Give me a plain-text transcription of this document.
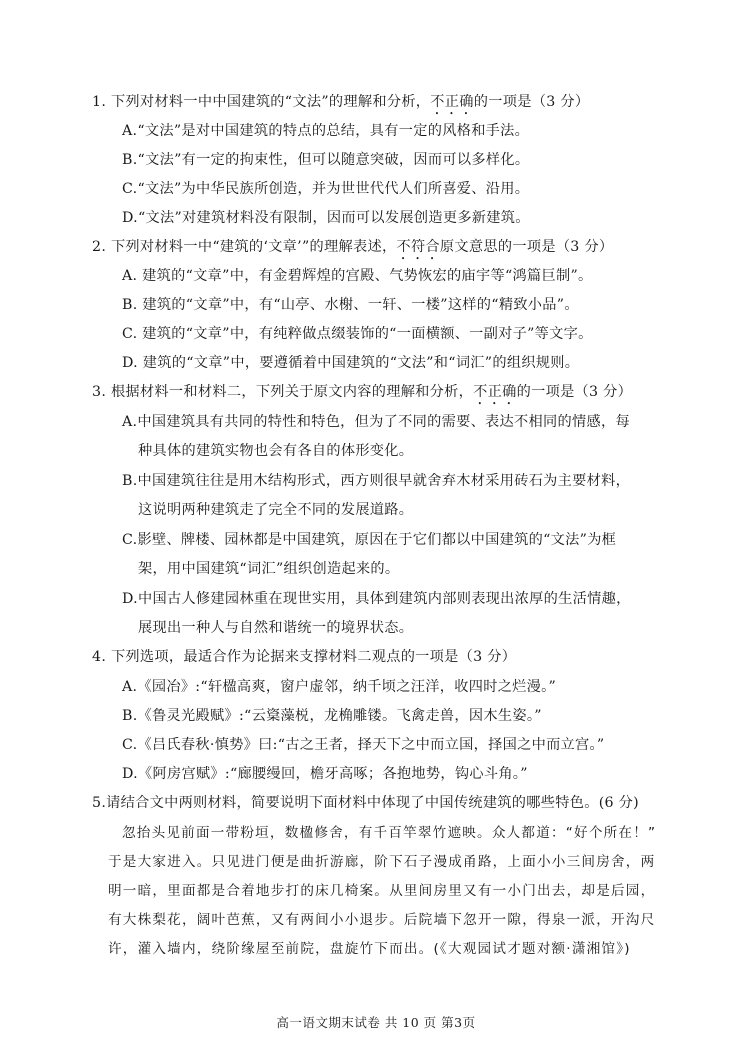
1. 下列对材料一中中国建筑的“文法”的理解和分析，不正确的一项是（3 分）
A.“文法”是对中国建筑的特点的总结，具有一定的风格和手法。
B.“文法”有一定的拘束性，但可以随意突破，因而可以多样化。
C.“文法”为中华民族所创造，并为世世代代人们所喜爱、沿用。
D.“文法”对建筑材料没有限制，因而可以发展创造更多新建筑。
2. 下列对材料一中“建筑的‘文章’”的理解表述，不符合原文意思的一项是（3 分）
A. 建筑的“文章”中，有金碧辉煌的宫殿、气势恢宏的庙宇等“鸿篇巨制”。
B. 建筑的“文章”中，有“山亭、水榭、一轩、一楼”这样的“精致小品”。
C. 建筑的“文章”中，有纯粹做点缀装饰的“一面横额、一副对子”等文字。
D. 建筑的“文章”中，要遵循着中国建筑的“文法”和“词汇”的组织规则。
3. 根据材料一和材料二，下列关于原文内容的理解和分析，不正确的一项是（3 分）
A.中国建筑具有共同的特性和特色，但为了不同的需要、表达不相同的情感，每
种具体的建筑实物也会有各自的体形变化。
B.中国建筑往往是用木结构形式，西方则很早就舍弃木材采用砖石为主要材料，
这说明两种建筑走了完全不同的发展道路。
C.影壁、牌楼、园林都是中国建筑，原因在于它们都以中国建筑的“文法”为框
架，用中国建筑“词汇”组织创造起来的。
D.中国古人修建园林重在现世实用，具体到建筑内部则表现出浓厚的生活情趣，
展现出一种人与自然和谐统一的境界状态。
4. 下列选项，最适合作为论据来支撑材料二观点的一项是（3 分）
A.《园冶》:“轩楹高爽，窗户虚邻，纳千顷之汪洋，收四时之烂漫。”
B.《鲁灵光殿赋》:“云楶藻棁，龙桷雕镂。飞禽走兽，因木生姿。”
C.《吕氏春秋·慎势》曰:“古之王者，择天下之中而立国，择国之中而立宫。”
D.《阿房宫赋》:“廊腰缦回，檐牙高啄；各抱地势，钩心斗角。”
5.请结合文中两则材料，简要说明下面材料中体现了中国传统建筑的哪些特色。(6 分)
忽抬头见前面一带粉垣，数楹修舍，有千百竿翠竹遮映。众人都道：“好个所在！”
于是大家进入。只见进门便是曲折游廊，阶下石子漫成甬路，上面小小三间房舍，两
明一暗，里面都是合着地步打的床几椅案。从里间房里又有一小门出去，却是后园，
有大株梨花，阔叶芭蕉，又有两间小小退步。后院墙下忽开一隙，得泉一派，开沟尺
许，灌入墙内，绕阶缘屋至前院，盘旋竹下而出。(《大观园试才题对额·潇湘馆》)
高一语文期末试卷 共 10 页 第3页
